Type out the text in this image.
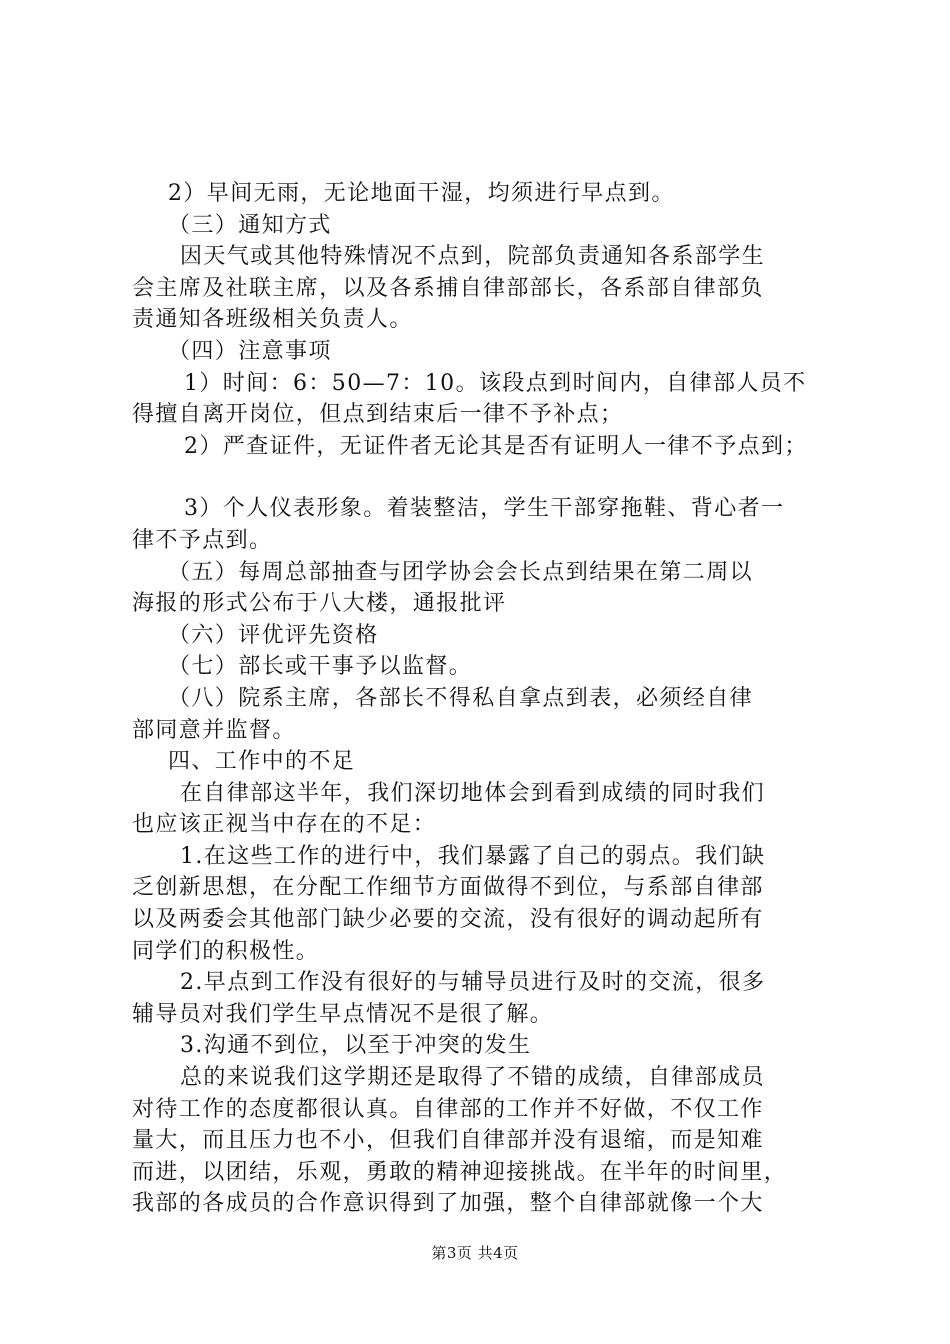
2）早间无雨，无论地面干湿，均须进行早点到。
（三）通知方式
因天气或其他特殊情况不点到，院部负责通知各系部学生
会主席及社联主席，以及各系捕自律部部长，各系部自律部负
责通知各班级相关负责人。
（四）注意事项
1）时间：6：50—7：10。该段点到时间内，自律部人员不
得擅自离开岗位，但点到结束后一律不予补点；
2）严查证件，无证件者无论其是否有证明人一律不予点到；
3）个人仪表形象。着装整洁，学生干部穿拖鞋、背心者一
律不予点到。
（五）每周总部抽查与团学协会会长点到结果在第二周以
海报的形式公布于八大楼，通报批评
（六）评优评先资格
（七）部长或干事予以监督。
（八）院系主席，各部长不得私自拿点到表，必须经自律
部同意并监督。
四、工作中的不足
在自律部这半年，我们深切地体会到看到成绩的同时我们
也应该正视当中存在的不足：
1.在这些工作的进行中，我们暴露了自己的弱点。我们缺
乏创新思想，在分配工作细节方面做得不到位，与系部自律部
以及两委会其他部门缺少必要的交流，没有很好的调动起所有
同学们的积极性。
2.早点到工作没有很好的与辅导员进行及时的交流，很多
辅导员对我们学生早点情况不是很了解。
3.沟通不到位，以至于冲突的发生
总的来说我们这学期还是取得了不错的成绩，自律部成员
对待工作的态度都很认真。自律部的工作并不好做，不仅工作
量大，而且压力也不小，但我们自律部并没有退缩，而是知难
而进，以团结，乐观，勇敢的精神迎接挑战。在半年的时间里，
我部的各成员的合作意识得到了加强，整个自律部就像一个大
第3页 共4页
